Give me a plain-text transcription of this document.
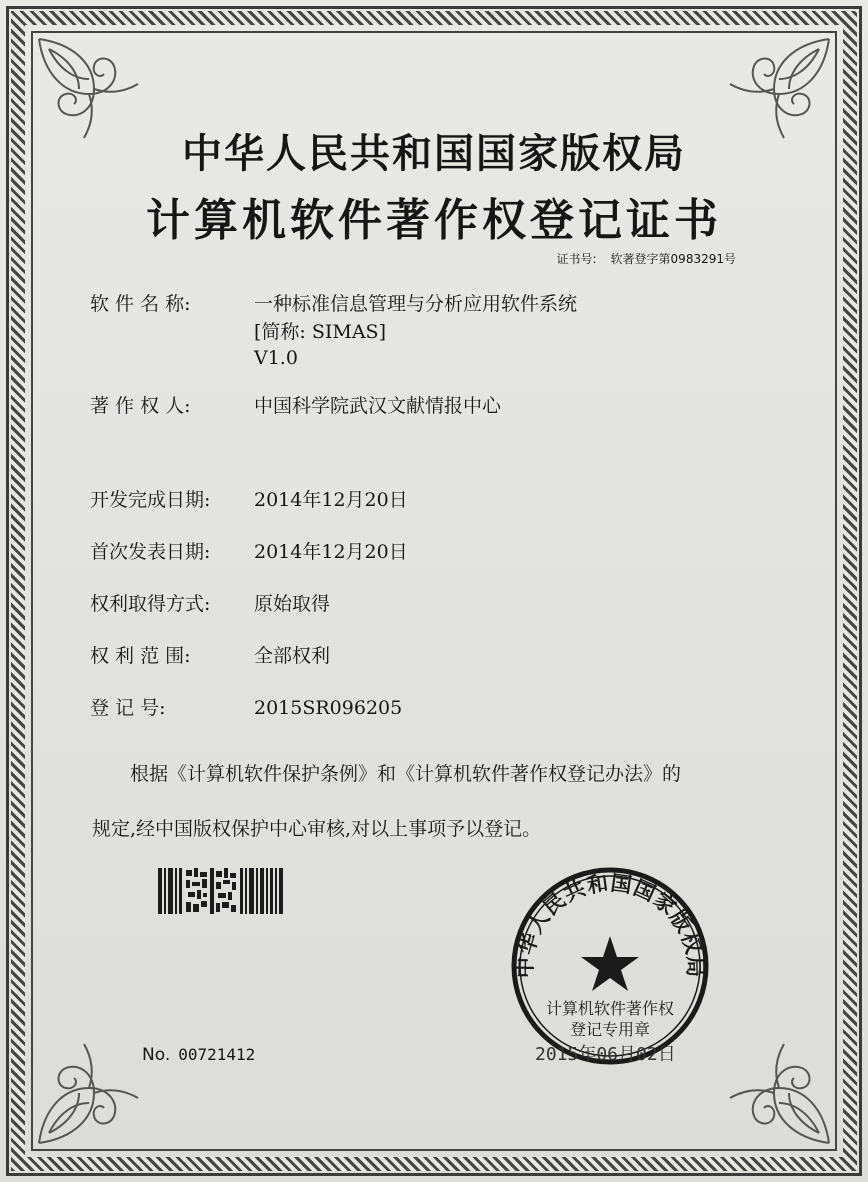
中华人民共和国国家版权局
计算机软件著作权登记证书
证书号: 软著登字第0983291号
软 件 名 称:	一种标准信息管理与分析应用软件系统
[简称: SIMAS]
V1.0
著 作 权 人:	中国科学院武汉文献情报中心
开发完成日期: 2014年12月20日
首次发表日期: 2014年12月20日
权利取得方式: 原始取得
权 利 范 围:	全部权利
登 记 号:	2015SR096205
根据《计算机软件保护条例》和《计算机软件著作权登记办法》的
规定,经中国版权保护中心审核,对以上事项予以登记。
No. 00721412
中华人民共和国国家版权局
计算机软件著作权
登记专用章
2015年06月02日
